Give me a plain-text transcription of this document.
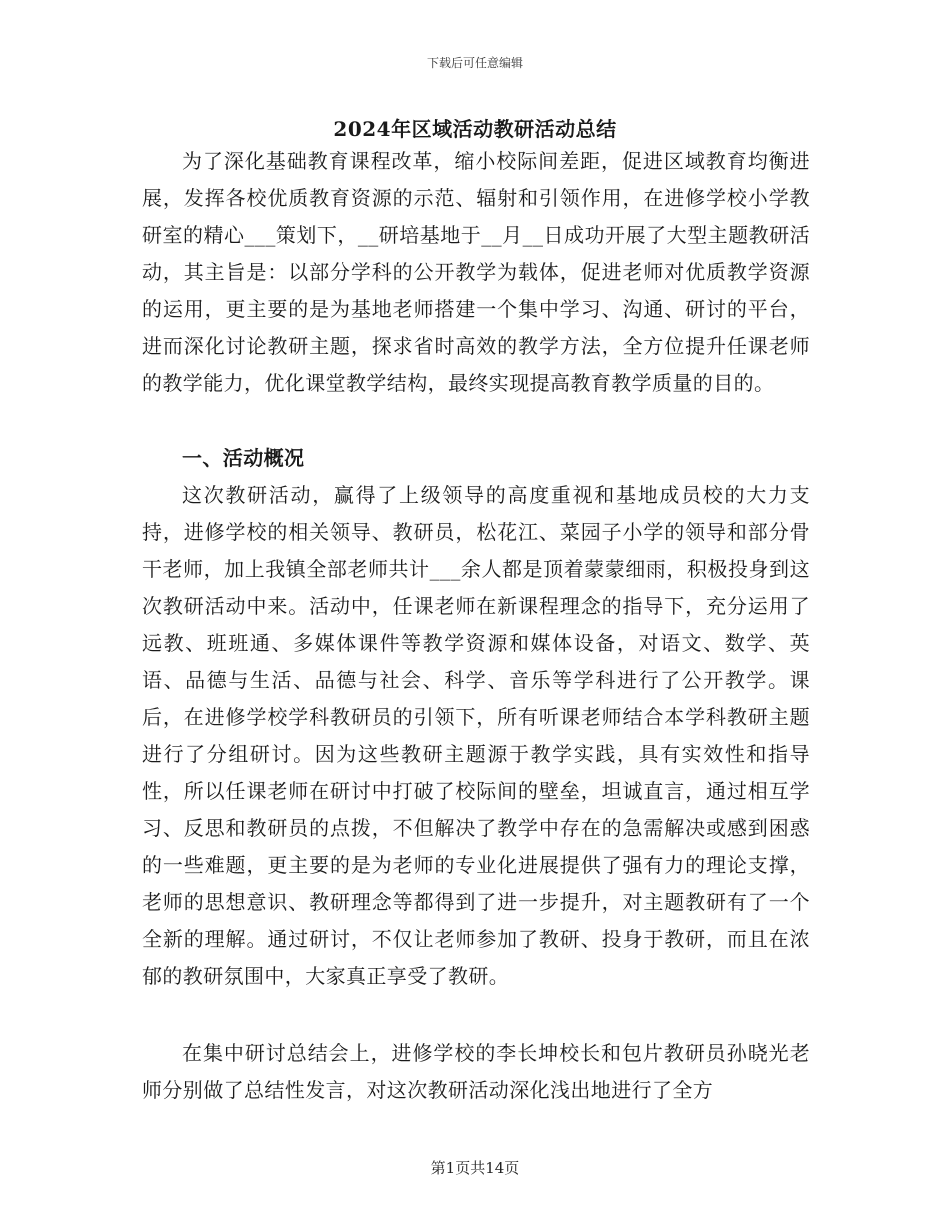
下载后可任意编辑
2024年区域活动教研活动总结

为了深化基础教育课程改革，缩小校际间差距，促进区域教育均衡进展，发挥各校优质教育资源的示范、辐射和引领作用，在进修学校小学教研室的精心___策划下，__研培基地于__月__日成功开展了大型主题教研活动，其主旨是：以部分学科的公开教学为载体，促进老师对优质教学资源的运用，更主要的是为基地老师搭建一个集中学习、沟通、研讨的平台，进而深化讨论教研主题，探求省时高效的教学方法，全方位提升任课老师的教学能力，优化课堂教学结构，最终实现提高教育教学质量的目的。

一、活动概况

这次教研活动，赢得了上级领导的高度重视和基地成员校的大力支持，进修学校的相关领导、教研员，松花江、菜园子小学的领导和部分骨干老师，加上我镇全部老师共计___余人都是顶着蒙蒙细雨，积极投身到这次教研活动中来。活动中，任课老师在新课程理念的指导下，充分运用了远教、班班通、多媒体课件等教学资源和媒体设备，对语文、数学、英语、品德与生活、品德与社会、科学、音乐等学科进行了公开教学。课后，在进修学校学科教研员的引领下，所有听课老师结合本学科教研主题进行了分组研讨。因为这些教研主题源于教学实践，具有实效性和指导性，所以任课老师在研讨中打破了校际间的壁垒，坦诚直言，通过相互学习、反思和教研员的点拨，不但解决了教学中存在的急需解决或感到困惑的一些难题，更主要的是为老师的专业化进展提供了强有力的理论支撑，老师的思想意识、教研理念等都得到了进一步提升，对主题教研有了一个全新的理解。通过研讨，不仅让老师参加了教研、投身于教研，而且在浓郁的教研氛围中，大家真正享受了教研。

在集中研讨总结会上，进修学校的李长坤校长和包片教研员孙晓光老师分别做了总结性发言，对这次教研活动深化浅出地进行了全方

第1页共14页
